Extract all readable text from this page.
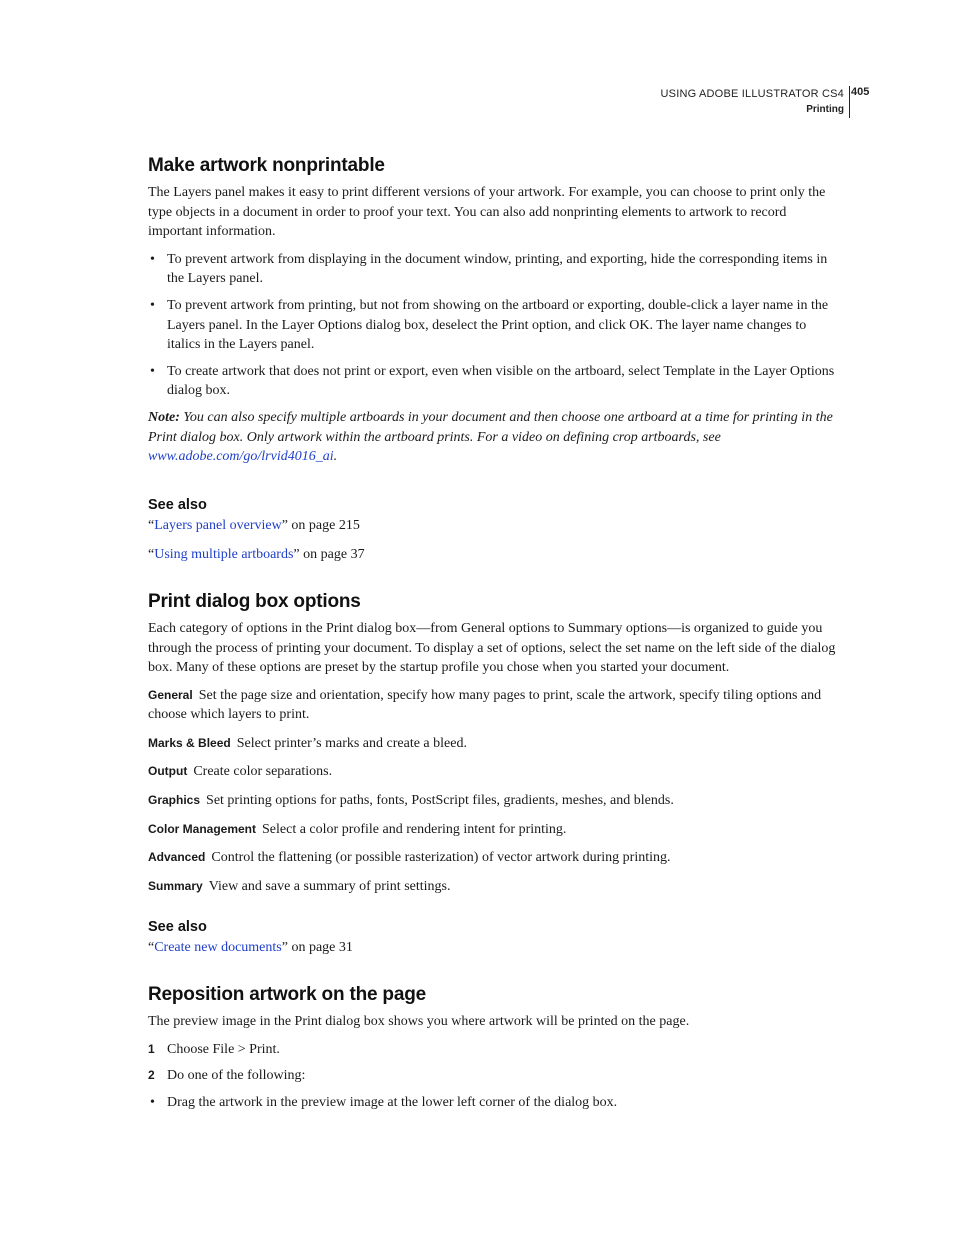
USING ADOBE ILLUSTRATOR CS4
Printing
405
Make artwork nonprintable

The Layers panel makes it easy to print different versions of your artwork. For example, you can choose to print only the type objects in a document in order to proof your text. You can also add nonprinting elements to artwork to record important information.

• To prevent artwork from displaying in the document window, printing, and exporting, hide the corresponding items in the Layers panel.
• To prevent artwork from printing, but not from showing on the artboard or exporting, double-click a layer name in the Layers panel. In the Layer Options dialog box, deselect the Print option, and click OK. The layer name changes to italics in the Layers panel.
• To create artwork that does not print or export, even when visible on the artboard, select Template in the Layer Options dialog box.

Note: You can also specify multiple artboards in your document and then choose one artboard at a time for printing in the Print dialog box. Only artwork within the artboard prints. For a video on defining crop artboards, see www.adobe.com/go/lrvid4016_ai.

See also

“Layers panel overview” on page 215

“Using multiple artboards” on page 37

Print dialog box options

Each category of options in the Print dialog box—from General options to Summary options—is organized to guide you through the process of printing your document. To display a set of options, select the set name on the left side of the dialog box. Many of these options are preset by the startup profile you chose when you started your document.

General Set the page size and orientation, specify how many pages to print, scale the artwork, specify tiling options and choose which layers to print.

Marks & Bleed Select printer’s marks and create a bleed.

Output Create color separations.

Graphics Set printing options for paths, fonts, PostScript files, gradients, meshes, and blends.

Color Management Select a color profile and rendering intent for printing.

Advanced Control the flattening (or possible rasterization) of vector artwork during printing.

Summary View and save a summary of print settings.

See also

“Create new documents” on page 31

Reposition artwork on the page

The preview image in the Print dialog box shows you where artwork will be printed on the page.

1 Choose File > Print.
2 Do one of the following:
• Drag the artwork in the preview image at the lower left corner of the dialog box.
